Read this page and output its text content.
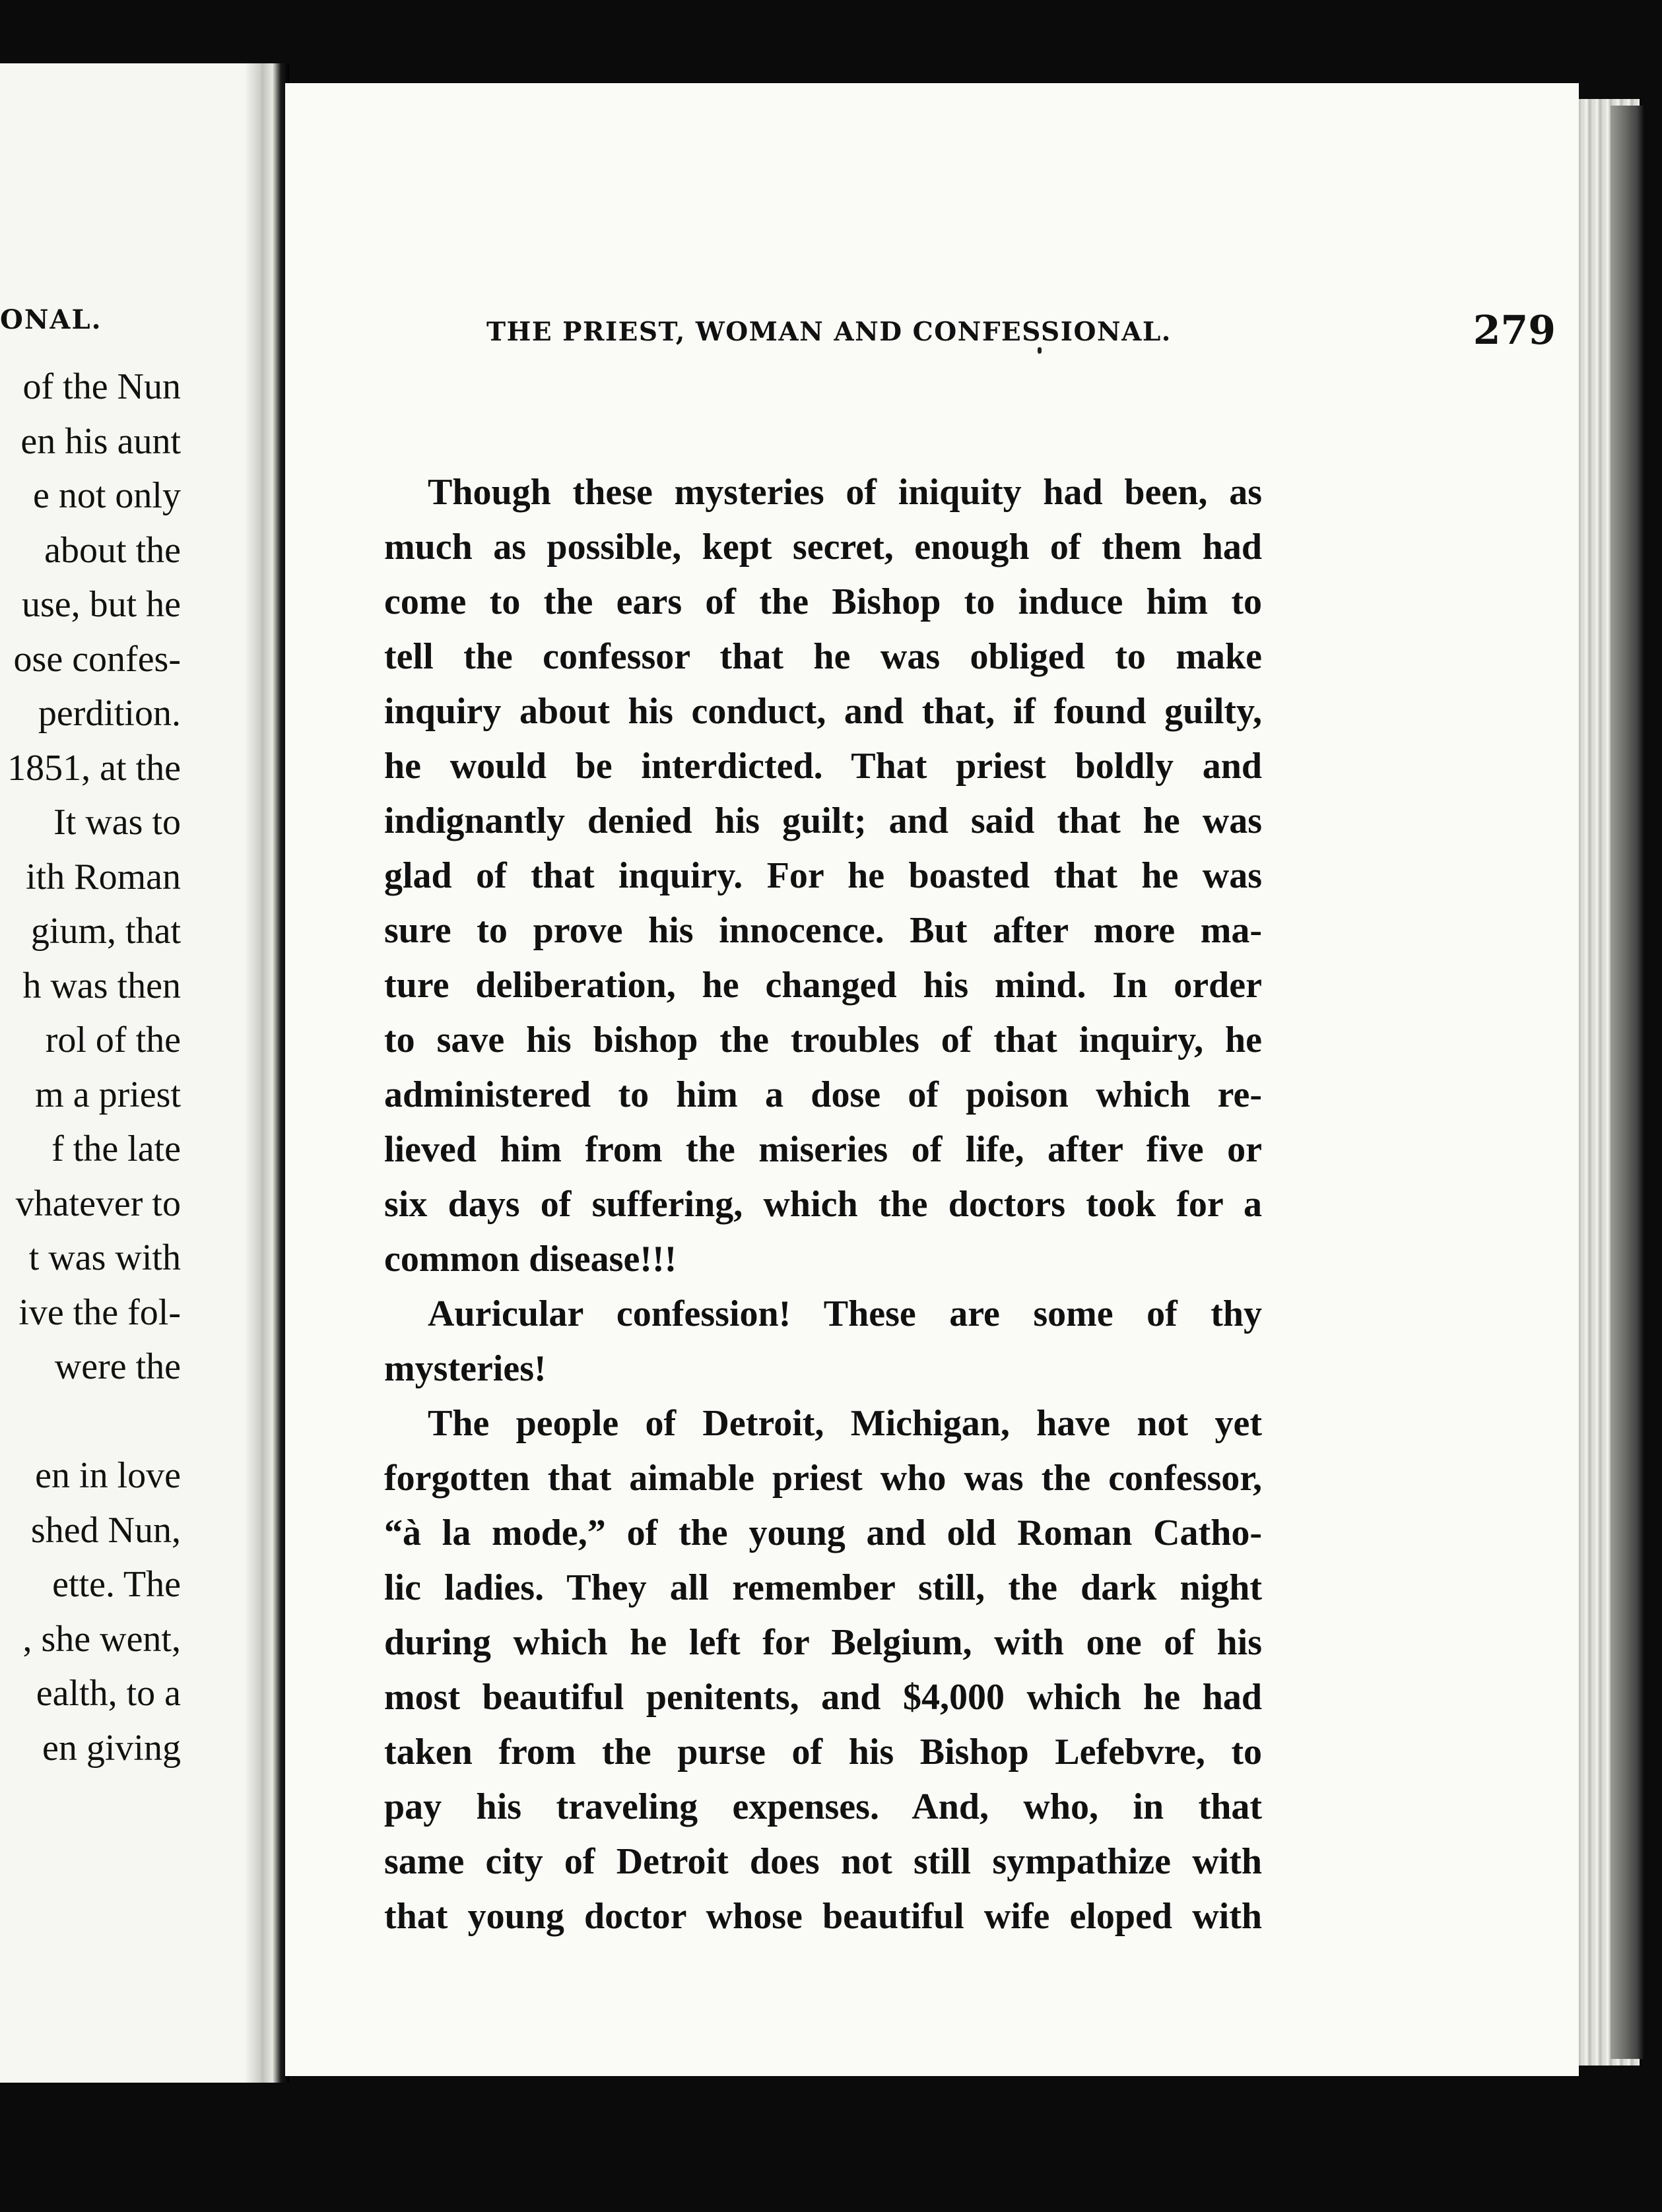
ONAL.
of the Nun
en his aunt
e not only
about the
use, but he
ose confes-
perdition.
1851, at the
It was to
ith Roman
gium, that
h was then
rol of the
m a priest
f the late
vhatever to
t was with
ive the fol-
were the
en in love
shed Nun,
ette. The
, she went,
ealth, to a
en giving
THE PRIEST, WOMAN AND CONFESSIONAL.	279
Though these mysteries of iniquity had been, as
much as possible, kept secret, enough of them had
come to the ears of the Bishop to induce him to
tell the confessor that he was obliged to make
inquiry about his conduct, and that, if found guilty,
he would be interdicted. That priest boldly and
indignantly denied his guilt; and said that he was
glad of that inquiry. For he boasted that he was
sure to prove his innocence. But after more ma-
ture deliberation, he changed his mind. In order
to save his bishop the troubles of that inquiry, he
administered to him a dose of poison which re-
lieved him from the miseries of life, after five or
six days of suffering, which the doctors took for a
common disease!!!
Auricular confession! These are some of thy
mysteries!
The people of Detroit, Michigan, have not yet
forgotten that aimable priest who was the confessor,
“à la mode,” of the young and old Roman Catho-
lic ladies. They all remember still, the dark night
during which he left for Belgium, with one of his
most beautiful penitents, and $4,000 which he had
taken from the purse of his Bishop Lefebvre, to
pay his traveling expenses. And, who, in that
same city of Detroit does not still sympathize with
that young doctor whose beautiful wife eloped with
